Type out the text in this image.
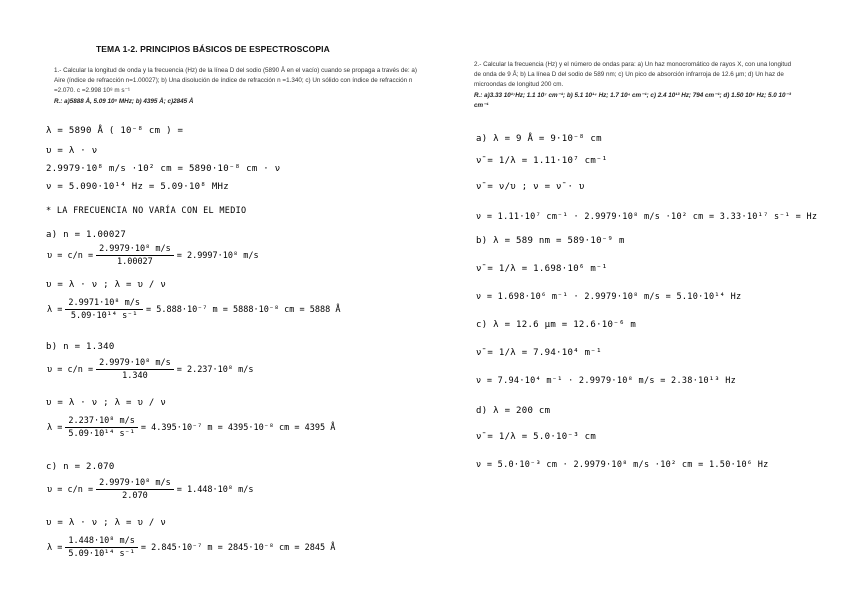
TEMA 1-2. PRINCIPIOS BÁSICOS DE ESPECTROSCOPIA
1.- Calcular la longitud de onda y la frecuencia (Hz) de la línea D del sodio (5890 Å en el vacío) cuando se propaga a través de: a) Aire (índice de refracción n=1.00027); b) Una disolución de índice de refracción n =1.340; c) Un sólido con índice de refracción n =2.070. c =2.998 10⁸ m s⁻¹
R.: a)5888 Å, 5.09 10⁸ MHz; b) 4395 Å; c)2845 Å
λ = 5890 Å ( 10⁻⁸ cm ) =
υ = λ · ν
2.9979·10⁸ m/s ·10² cm = 5890·10⁻⁸ cm · ν
ν = 5.090·10¹⁴ Hz = 5.09·10⁸ MHz
* LA FRECUENCIA NO VARÍA CON EL MEDIO
a) n = 1.00027
$\upsilon = c/n = \frac{\text{2.9979·10⁸ m/s}}{1.00027} = 2.9997\cdot 10^8$ m/s
υ = λ · ν ; λ = υ / ν
$\lambda = \frac{\text{2.9971·10⁸ m/s}}{\text{5.09·10¹⁴ s⁻¹}} = 5.888\cdot 10^{-7}$ m = 5888·10⁻⁸ cm = 5888 Å
b) n = 1.340
$\upsilon = c/n = \frac{\text{2.9979·10⁸ m/s}}{1.340} = 2.237\cdot 10^8$ m/s
υ = λ · ν ; λ = υ / ν
$\lambda = \frac{\text{2.237·10⁸ m/s}}{\text{5.09·10¹⁴ s⁻¹}} = 4.395\cdot 10^{-7}$ m = 4395·10⁻⁸ cm = 4395 Å
c) n = 2.070
$\upsilon = c/n = \frac{\text{2.9979·10⁸ m/s}}{2.070} = 1.448\cdot 10^8$ m/s
υ = λ · ν ; λ = υ / ν
$\lambda = \frac{\text{1.448·10⁸ m/s}}{\text{5.09·10¹⁴ s⁻¹}} = 2.845\cdot 10^{-7}$ m = 2845·10⁻⁸ cm = 2845 Å
2.- Calcular la frecuencia (Hz) y el número de ondas para: a) Un haz monocromático de rayos X, con una longitud de onda de 9 Å; b) La línea D del sodio de 589 nm; c) Un pico de absorción infrarroja de 12.6 µm; d) Un haz de microondas de longitud 200 cm.
R.: a)3.33 10¹⁷Hz; 1.1 10⁷ cm⁻¹; b) 5.1 10¹⁴ Hz; 1.7 10⁴ cm⁻¹; c) 2.4 10¹³ Hz; 794 cm⁻¹; d) 1.50 10⁸ Hz; 5.0 10⁻³ cm⁻¹
a) λ = 9 Å = 9·10⁻⁸ cm
ν̄ = 1/λ = 1.11·10⁷ cm⁻¹
ν̄ = ν/υ ; ν = ν̄ · υ
ν = 1.11·10⁷ cm⁻¹ · 2.9979·10⁸ m/s ·10² cm = 3.33·10¹⁷ s⁻¹ = Hz
b) λ = 589 nm = 589·10⁻⁹ m
ν̄ = 1/λ = 1.698·10⁶ m⁻¹
ν = 1.698·10⁶ m⁻¹ · 2.9979·10⁸ m/s = 5.10·10¹⁴ Hz
c) λ = 12.6 µm = 12.6·10⁻⁶ m
ν̄ = 1/λ = 7.94·10⁴ m⁻¹
ν = 7.94·10⁴ m⁻¹ · 2.9979·10⁸ m/s = 2.38·10¹³ Hz
d) λ = 200 cm
ν̄ = 1/λ = 5.0·10⁻³ cm
ν = 5.0·10⁻³ cm · 2.9979·10⁸ m/s ·10² cm = 1.50·10⁶ Hz
